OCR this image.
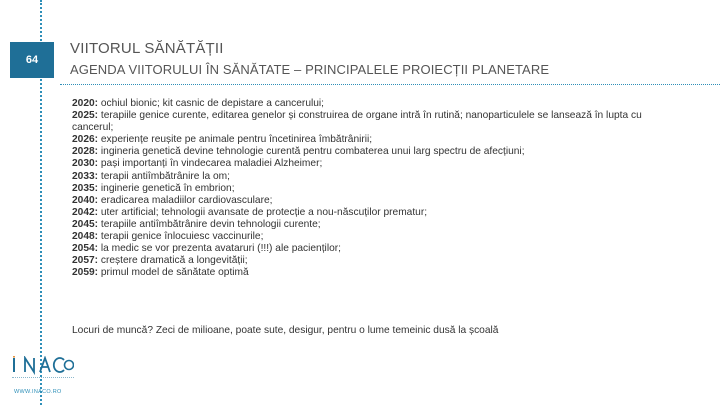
64
VIITORUL SĂNĂTĂȚII
AGENDA VIITORULUI ÎN SĂNĂTATE – PRINCIPALELE PROIECȚII PLANETARE

2020: ochiul bionic; kit casnic de depistare a cancerului;

2025: terapiile genice curente, editarea genelor și construirea de organe intră în rutină; nanoparticulele se lansează în lupta cu cancerul;

2026: experiențe reușite pe animale pentru încetinirea îmbătrânirii;

2028: ingineria genetică devine tehnologie curentă pentru combaterea unui larg spectru de afecțiuni;

2030: pași importanți în vindecarea maladiei Alzheimer;

2033: terapii antiîmbătrânire la om;

2035: inginerie genetică în embrion;

2040: eradicarea maladiilor cardiovasculare;

2042: uter artificial; tehnologii avansate de protecție a nou-născuților prematur;

2045: terapiile antiîmbătrânire devin tehnologii curente;

2048: terapii genice înlocuiesc vaccinurile;

2054: la medic se vor prezenta avataruri (!!!) ale pacienților;

2057: creștere dramatică a longevității;

2059: primul model de sănătate optimă

Locuri de muncă? Zeci de milioane, poate sute, desigur, pentru o lume temeinic dusă la școală
WWW.INACO.RO
